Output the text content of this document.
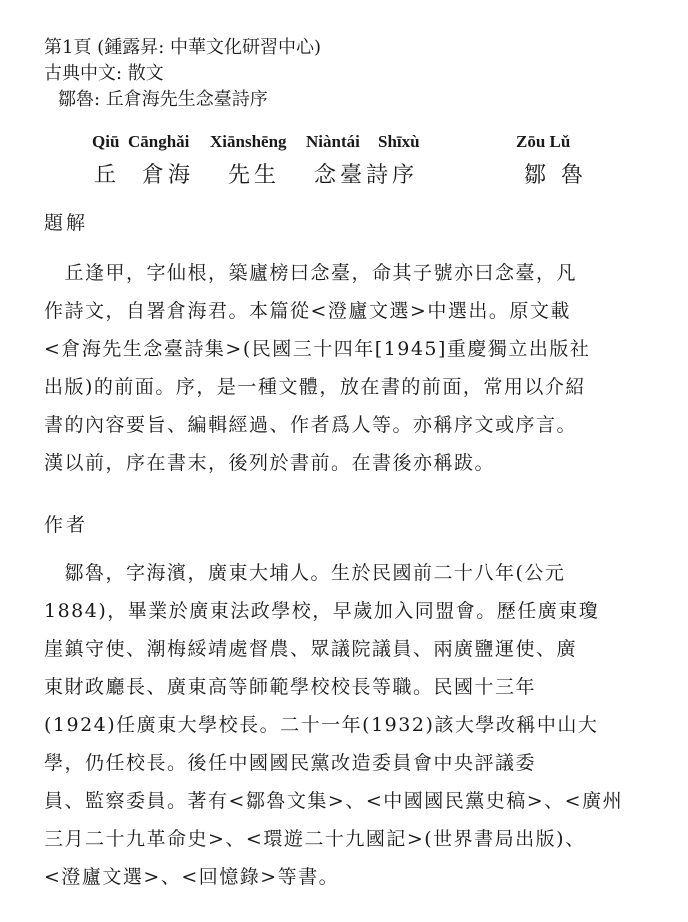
第1頁 (鍾露昇: 中華文化研習中心)
古典中文: 散文
鄒魯: 丘倉海先生念臺詩序
Qiū Cānghǎi Xiānshēng Niàntái Shīxù	Zōu Lǔ
丘 倉海 先生 念臺詩序	鄒 魯
題解
　丘逢甲，字仙根，築廬榜曰念臺，命其子號亦曰念臺，凡
作詩文，自署倉海君。本篇從<澄廬文選>中選出。原文載
<倉海先生念臺詩集>(民國三十四年[1945]重慶獨立出版社
出版)的前面。序，是一種文體，放在書的前面，常用以介紹
書的內容要旨、編輯經過、作者爲人等。亦稱序文或序言。
漢以前，序在書末，後列於書前。在書後亦稱跋。
作者
　鄒魯，字海濱，廣東大埔人。生於民國前二十八年(公元
1884)，畢業於廣東法政學校，早歲加入同盟會。歷任廣東瓊
崖鎮守使、潮梅綏靖處督農、眾議院議員、兩廣鹽運使、廣
東財政廳長、廣東高等師範學校校長等職。民國十三年
(1924)任廣東大學校長。二十一年(1932)該大學改稱中山大
學，仍任校長。後任中國國民黨改造委員會中央評議委
員、監察委員。著有<鄒魯文集>、<中國國民黨史稿>、<廣州
三月二十九革命史>、<環遊二十九國記>(世界書局出版)、
<澄廬文選>、<回憶錄>等書。
